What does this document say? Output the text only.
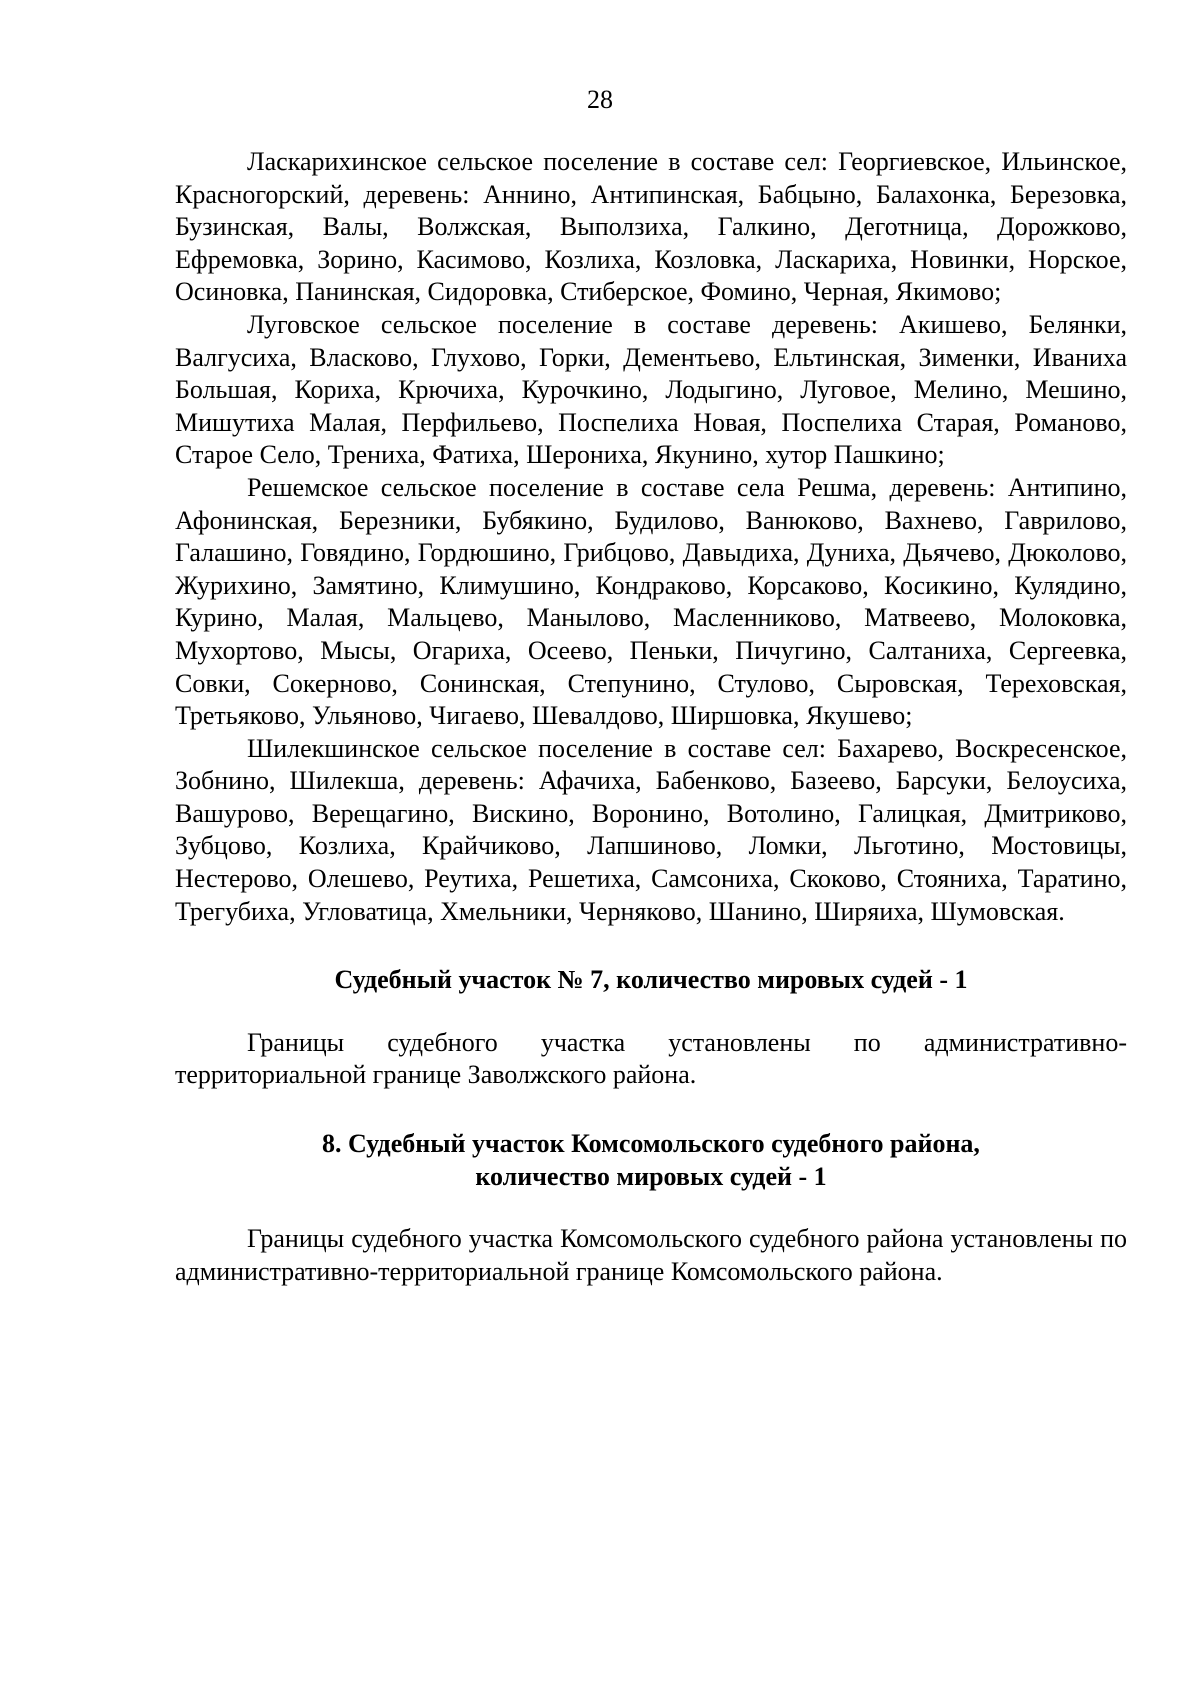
28

Ласкарихинское сельское поселение в составе сел: Георгиевское, Ильинское, Красногорский, деревень: Аннино, Антипинская, Бабцыно, Балахонка, Березовка, Бузинская, Валы, Волжская, Выползиха, Галкино, Деготница, Дорожково, Ефремовка, Зорино, Касимово, Козлиха, Козловка, Ласкариха, Новинки, Норское, Осиновка, Панинская, Сидоровка, Стиберское, Фомино, Черная, Якимово;

Луговское сельское поселение в составе деревень: Акишево, Белянки, Валгусиха, Власково, Глухово, Горки, Дементьево, Ельтинская, Зименки, Иваниха Большая, Кориха, Крючиха, Курочкино, Лодыгино, Луговое, Мелино, Мешино, Мишутиха Малая, Перфильево, Поспелиха Новая, Поспелиха Старая, Романово, Старое Село, Трениха, Фатиха, Шерониха, Якунино, хутор Пашкино;

Решемское сельское поселение в составе села Решма, деревень: Антипино, Афонинская, Березники, Бубякино, Будилово, Ванюково, Вахнево, Гаврилово, Галашино, Говядино, Гордюшино, Грибцово, Давыдиха, Дуниха, Дьячево, Дюколово, Журихино, Замятино, Климушино, Кондраково, Корсаково, Косикино, Кулядино, Курино, Малая, Мальцево, Манылово, Масленниково, Матвеево, Молоковка, Мухортово, Мысы, Огариха, Осеево, Пеньки, Пичугино, Салтаниха, Сергеевка, Совки, Сокерново, Сонинская, Степунино, Стулово, Сыровская, Тереховская, Третьяково, Ульяново, Чигаево, Шевалдово, Ширшовка, Якушево;

Шилекшинское сельское поселение в составе сел: Бахарево, Воскресенское, Зобнино, Шилекша, деревень: Афачиха, Бабенково, Базеево, Барсуки, Белоусиха, Вашурово, Верещагино, Вискино, Воронино, Вотолино, Галицкая, Дмитриково, Зубцово, Козлиха, Крайчиково, Лапшиново, Ломки, Льготино, Мостовицы, Нестерово, Олешево, Реутиха, Решетиха, Самсониха, Скоково, Стояниха, Таратино, Трегубиха, Угловатица, Хмельники, Черняково, Шанино, Ширяиха, Шумовская.

Судебный участок № 7, количество мировых судей - 1

Границы судебного участка установлены по административно-территориальной границе Заволжского района.

8. Судебный участок Комсомольского судебного района,
количество мировых судей - 1

Границы судебного участка Комсомольского судебного района установлены по административно-территориальной границе Комсомольского района.
